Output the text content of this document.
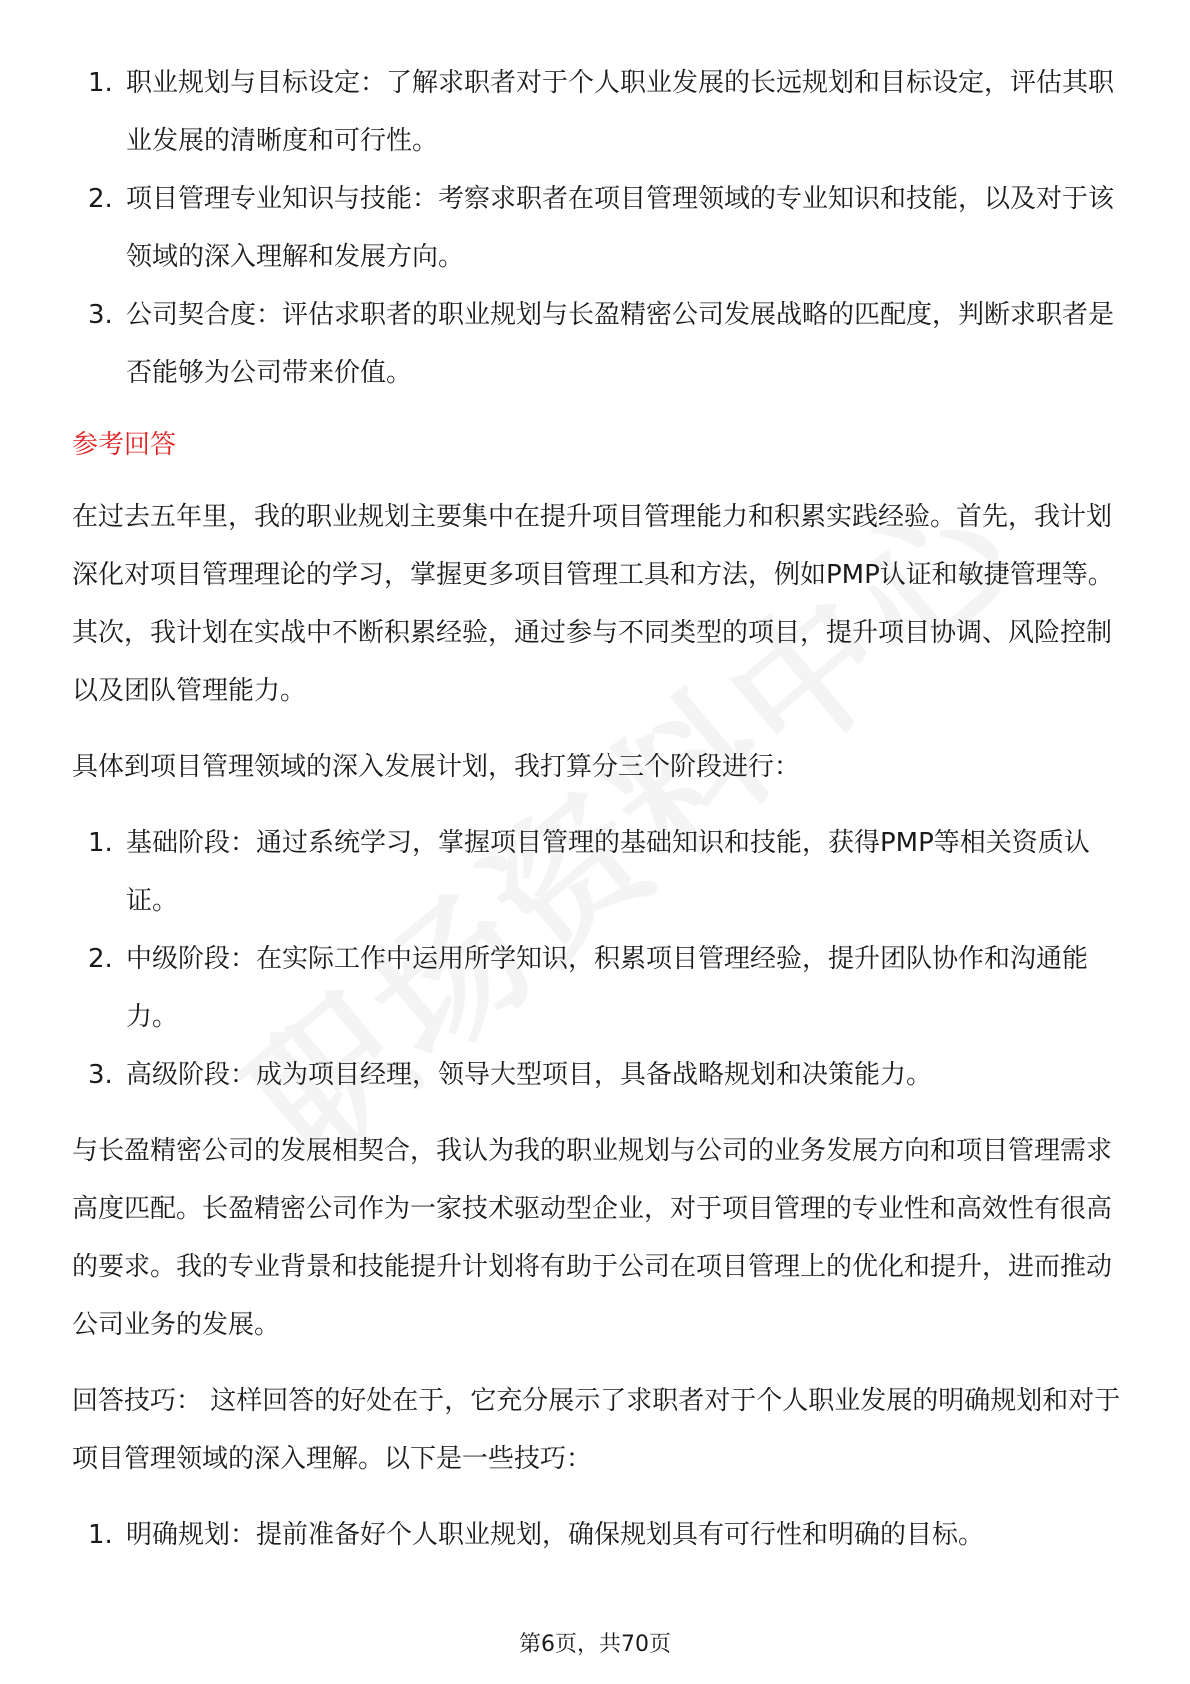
1. 职业规划与目标设定：了解求职者对于个人职业发展的长远规划和目标设定，评估其职业发展的清晰度和可行性。
2. 项目管理专业知识与技能：考察求职者在项目管理领域的专业知识和技能，以及对于该领域的深入理解和发展方向。
3. 公司契合度：评估求职者的职业规划与长盈精密公司发展战略的匹配度，判断求职者是否能够为公司带来价值。

参考回答

在过去五年里，我的职业规划主要集中在提升项目管理能力和积累实践经验。首先，我计划深化对项目管理理论的学习，掌握更多项目管理工具和方法，例如PMP认证和敏捷管理等。其次，我计划在实战中不断积累经验，通过参与不同类型的项目，提升项目协调、风险控制以及团队管理能力。

具体到项目管理领域的深入发展计划，我打算分三个阶段进行：

1. 基础阶段：通过系统学习，掌握项目管理的基础知识和技能，获得PMP等相关资质认证。
2. 中级阶段：在实际工作中运用所学知识，积累项目管理经验，提升团队协作和沟通能力。
3. 高级阶段：成为项目经理，领导大型项目，具备战略规划和决策能力。

与长盈精密公司的发展相契合，我认为我的职业规划与公司的业务发展方向和项目管理需求高度匹配。长盈精密公司作为一家技术驱动型企业，对于项目管理的专业性和高效性有很高的要求。我的专业背景和技能提升计划将有助于公司在项目管理上的优化和提升，进而推动公司业务的发展。

回答技巧： 这样回答的好处在于，它充分展示了求职者对于个人职业发展的明确规划和对于项目管理领域的深入理解。以下是一些技巧：

1. 明确规划：提前准备好个人职业规划，确保规划具有可行性和明确的目标。
第6页，共70页
